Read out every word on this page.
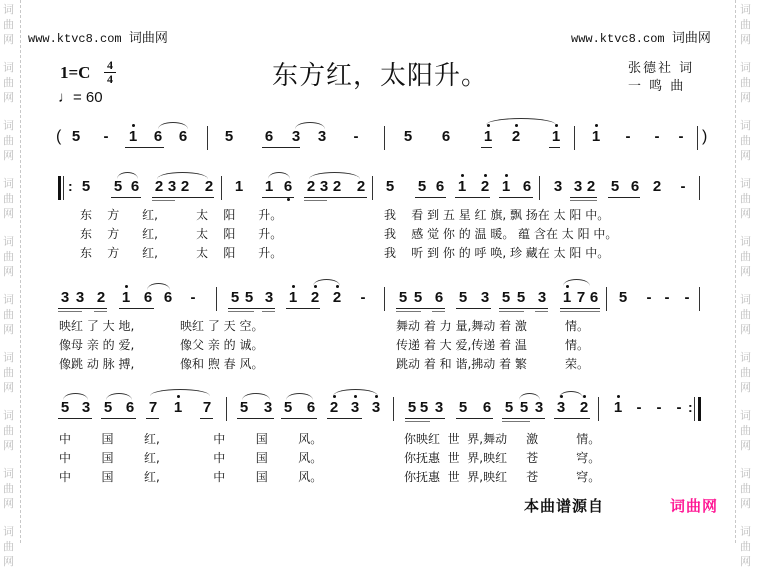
词
曲
网
词
曲
网
词
曲
网
词
曲
网
词
曲
网
词
曲
网
词
曲
网
词
曲
网
词
曲
网
词
曲
网
词
曲
网
词
曲
网
词
曲
网
词
曲
网
词
曲
网
词
曲
网
词
曲
网
词
曲
网
词
曲
网
词
曲
网
www.ktvc8.com 词曲网	www.ktvc8.com 词曲网
1=C 4
4
♩= 60
东方红，太阳升。	张德社 词
一 鸣 曲
( 5 - 1 6 6	5 6 3 3 -	5 6 1 2 1 1 - - - )
: 5 5 6 2 3 2 2 1 1 6 2 3 2 2 5 5 6 1 2 1 6 3 3 2 5 6 2 -
东    方      红,          太    阳      升。
东    方      红,          太    阳      升。
东    方      红,          太    阳      升。
我    看 到 五 星 红 旗, 飘 扬在 太 阳 中。
我    感 觉 你 的 温 暖。 蕴 含在 太 阳 中。
我    听 到 你 的 呼 唤, 珍 藏在 太 阳 中。
3 3 2 1 6 6 - 5 5 3 1 2 2 - 5 5 6 5 3 5 5 3 1 7 6 5 - - -
映红 了 大 地,            映红 了 天 空。
像母 亲 的 爱,            像父 亲 的 诚。
像跳 动 脉 搏,            像和 煦 春 风。
舞动 着 力 量,舞动 着 激          情。
传递 着 大 爱,传递 着 温          情。
跳动 着 和 谐,拂动 着 繁          荣。
5 3 5 6 7 1 7 5 3 5 6 2 3 3 5 5 3 5 6 5 5 3 3 2 1 - - - :
中        国        红,              中        国        风。
中        国        红,              中        国        风。
中        国        红,              中        国        风。
你映红  世  界,舞动     激          情。
你抚惠  世  界,映红     苍          穹。
你抚惠  世  界,映红     苍          穹。
本曲谱源自	词曲网
